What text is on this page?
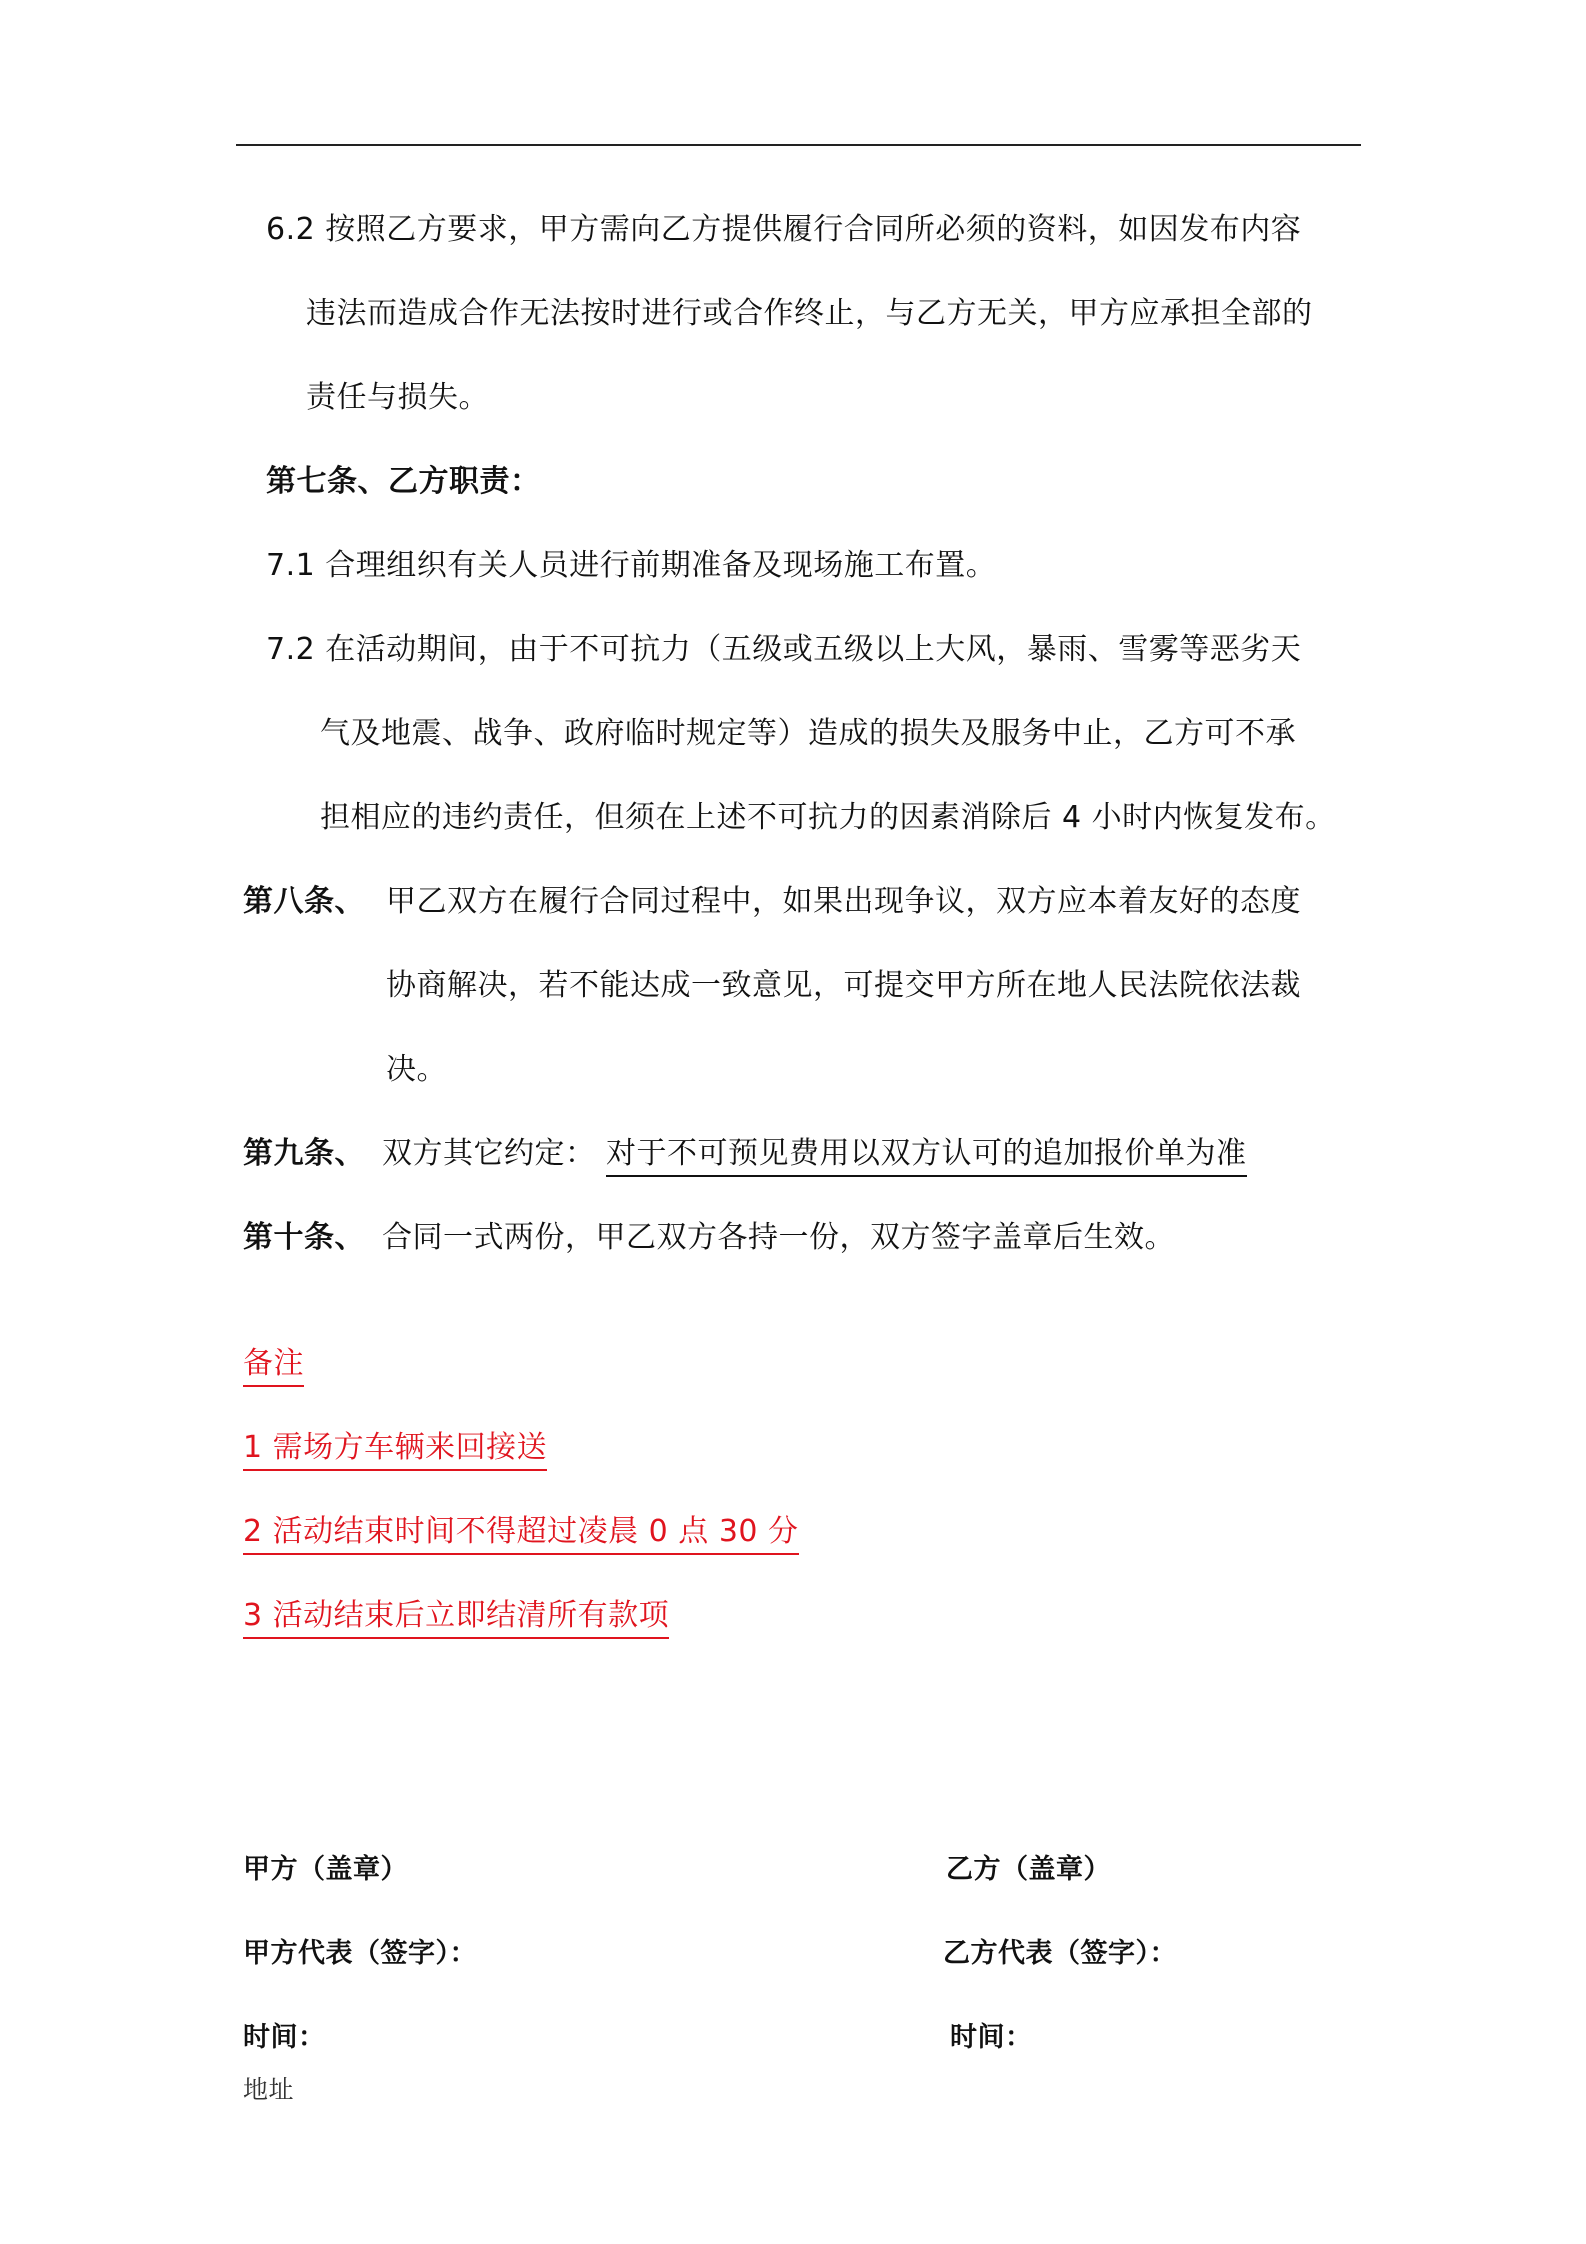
6.2 按照乙方要求，甲方需向乙方提供履行合同所必须的资料，如因发布内容
违法而造成合作无法按时进行或合作终止，与乙方无关，甲方应承担全部的
责任与损失。
第七条、乙方职责：
7.1 合理组织有关人员进行前期准备及现场施工布置。
7.2 在活动期间，由于不可抗力（五级或五级以上大风，暴雨、雪雾等恶劣天
气及地震、战争、政府临时规定等）造成的损失及服务中止，乙方可不承
担相应的违约责任，但须在上述不可抗力的因素消除后 4 小时内恢复发布。
第八条、 甲乙双方在履行合同过程中，如果出现争议，双方应本着友好的态度
协商解决，若不能达成一致意见，可提交甲方所在地人民法院依法裁
决。
第九条、 双方其它约定： 对于不可预见费用以双方认可的追加报价单为准
第十条、 合同一式两份，甲乙双方各持一份，双方签字盖章后生效。
备注
1 需场方车辆来回接送
2 活动结束时间不得超过凌晨 0 点 30 分
3 活动结束后立即结清所有款项
甲方（盖章）	乙方（盖章）
甲方代表（签字）：	乙方代表（签字）：
时间：	时间：
地址
